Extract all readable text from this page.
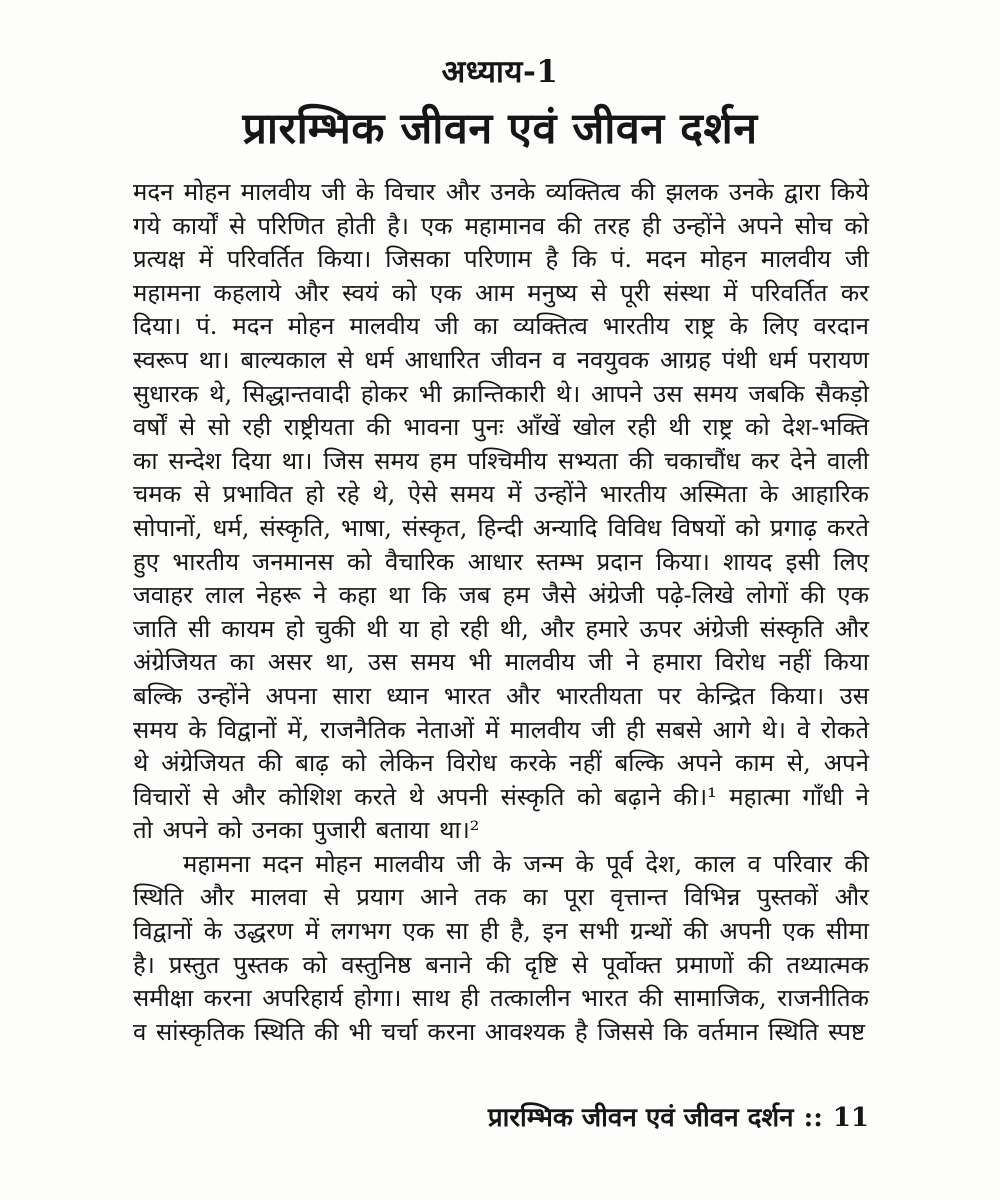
अध्याय-1
प्रारम्भिक जीवन एवं जीवन दर्शन
मदन मोहन मालवीय जी के विचार और उनके व्यक्तित्व की झलक उनके द्वारा किये
गये कार्यों से परिणित होती है। एक महामानव की तरह ही उन्होंने अपने सोच को
प्रत्यक्ष में परिवर्तित किया। जिसका परिणाम है कि पं. मदन मोहन मालवीय जी
महामना कहलाये और स्वयं को एक आम मनुष्य से पूरी संस्था में परिवर्तित कर
दिया। पं. मदन मोहन मालवीय जी का व्यक्तित्व भारतीय राष्ट्र के लिए वरदान
स्वरूप था। बाल्यकाल से धर्म आधारित जीवन व नवयुवक आग्रह पंथी धर्म परायण
सुधारक थे, सिद्धान्तवादी होकर भी क्रान्तिकारी थे। आपने उस समय जबकि सैकड़ो
वर्षों से सो रही राष्ट्रीयता की भावना पुनः आँखें खोल रही थी राष्ट्र को देश-भक्ति
का सन्देश दिया था। जिस समय हम पश्चिमीय सभ्यता की चकाचौंध कर देने वाली
चमक से प्रभावित हो रहे थे, ऐसे समय में उन्होंने भारतीय अस्मिता के आहारिक
सोपानों, धर्म, संस्कृति, भाषा, संस्कृत, हिन्दी अन्यादि विविध विषयों को प्रगाढ़ करते
हुए भारतीय जनमानस को वैचारिक आधार स्तम्भ प्रदान किया। शायद इसी लिए
जवाहर लाल नेहरू ने कहा था कि जब हम जैसे अंग्रेजी पढ़े-लिखे लोगों की एक
जाति सी कायम हो चुकी थी या हो रही थी, और हमारे ऊपर अंग्रेजी संस्कृति और
अंग्रेजियत का असर था, उस समय भी मालवीय जी ने हमारा विरोध नहीं किया
बल्कि उन्होंने अपना सारा ध्यान भारत और भारतीयता पर केन्द्रित किया। उस
समय के विद्वानों में, राजनैतिक नेताओं में मालवीय जी ही सबसे आगे थे। वे रोकते
थे अंग्रेजियत की बाढ़ को लेकिन विरोध करके नहीं बल्कि अपने काम से, अपने
विचारों से और कोशिश करते थे अपनी संस्कृति को बढ़ाने की।¹ महात्मा गाँधी ने
तो अपने को उनका पुजारी बताया था।²
महामना मदन मोहन मालवीय जी के जन्म के पूर्व देश, काल व परिवार की
स्थिति और मालवा से प्रयाग आने तक का पूरा वृत्तान्त विभिन्न पुस्तकों और
विद्वानों के उद्धरण में लगभग एक सा ही है, इन सभी ग्रन्थों की अपनी एक सीमा
है। प्रस्तुत पुस्तक को वस्तुनिष्ठ बनाने की दृष्टि से पूर्वोक्त प्रमाणों की तथ्यात्मक
समीक्षा करना अपरिहार्य होगा। साथ ही तत्कालीन भारत की सामाजिक, राजनीतिक
व सांस्कृतिक स्थिति की भी चर्चा करना आवश्यक है जिससे कि वर्तमान स्थिति स्पष्ट
प्रारम्भिक जीवन एवं जीवन दर्शन :: 11
